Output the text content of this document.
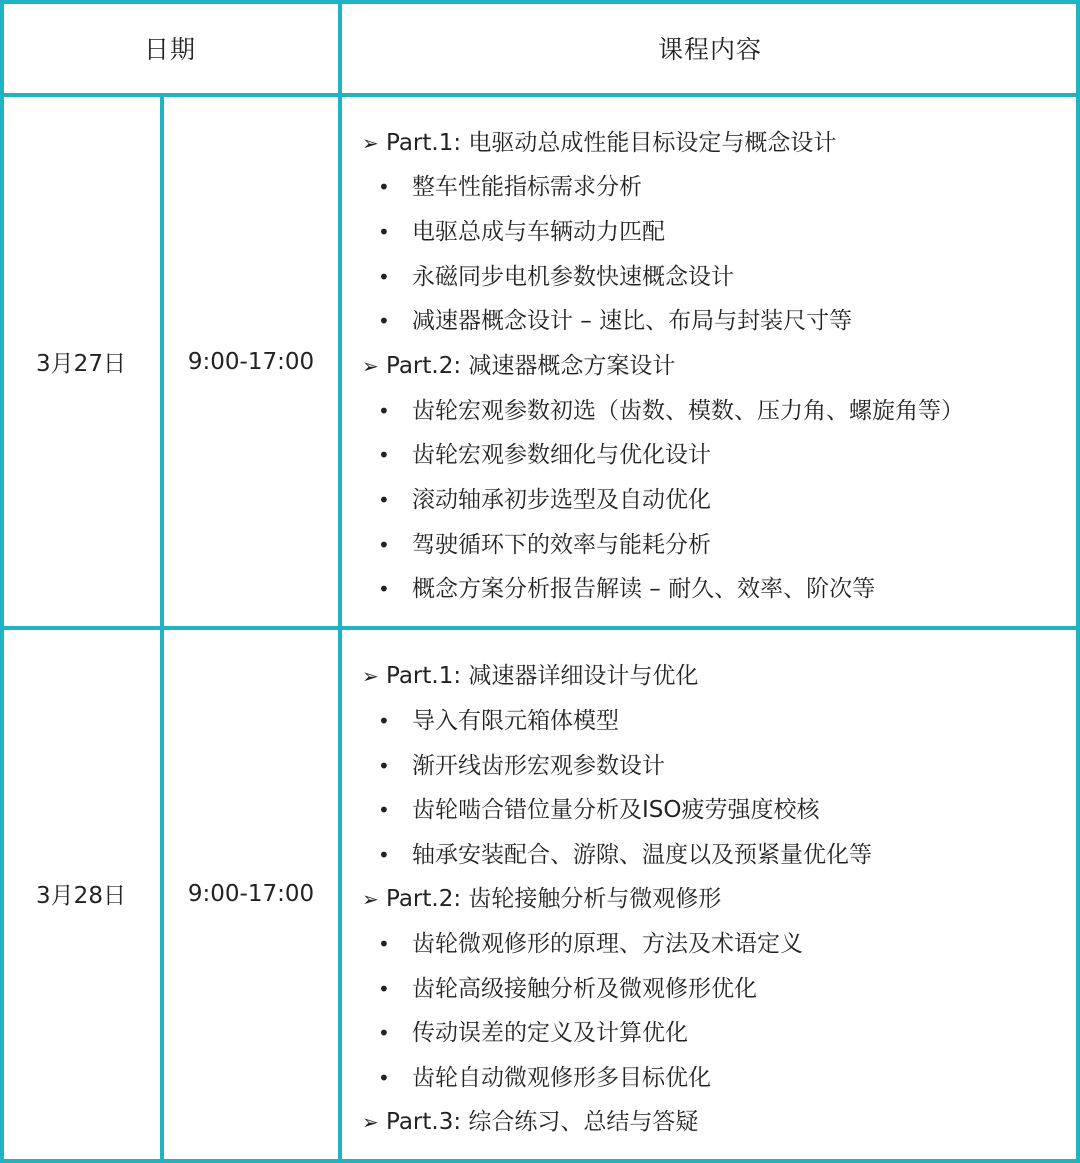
日期	课程内容
3月27日	9:00-17:00
➢ Part.1: 电驱动总成性能目标设定与概念设计
• 整车性能指标需求分析
• 电驱总成与车辆动力匹配
• 永磁同步电机参数快速概念设计
• 减速器概念设计 – 速比、布局与封装尺寸等
➢ Part.2: 减速器概念方案设计
• 齿轮宏观参数初选（齿数、模数、压力角、螺旋角等）
• 齿轮宏观参数细化与优化设计
• 滚动轴承初步选型及自动优化
• 驾驶循环下的效率与能耗分析
• 概念方案分析报告解读 – 耐久、效率、阶次等
3月28日	9:00-17:00
➢ Part.1: 减速器详细设计与优化
• 导入有限元箱体模型
• 渐开线齿形宏观参数设计
• 齿轮啮合错位量分析及ISO疲劳强度校核
• 轴承安装配合、游隙、温度以及预紧量优化等
➢ Part.2: 齿轮接触分析与微观修形
• 齿轮微观修形的原理、方法及术语定义
• 齿轮高级接触分析及微观修形优化
• 传动误差的定义及计算优化
• 齿轮自动微观修形多目标优化
➢ Part.3: 综合练习、总结与答疑
